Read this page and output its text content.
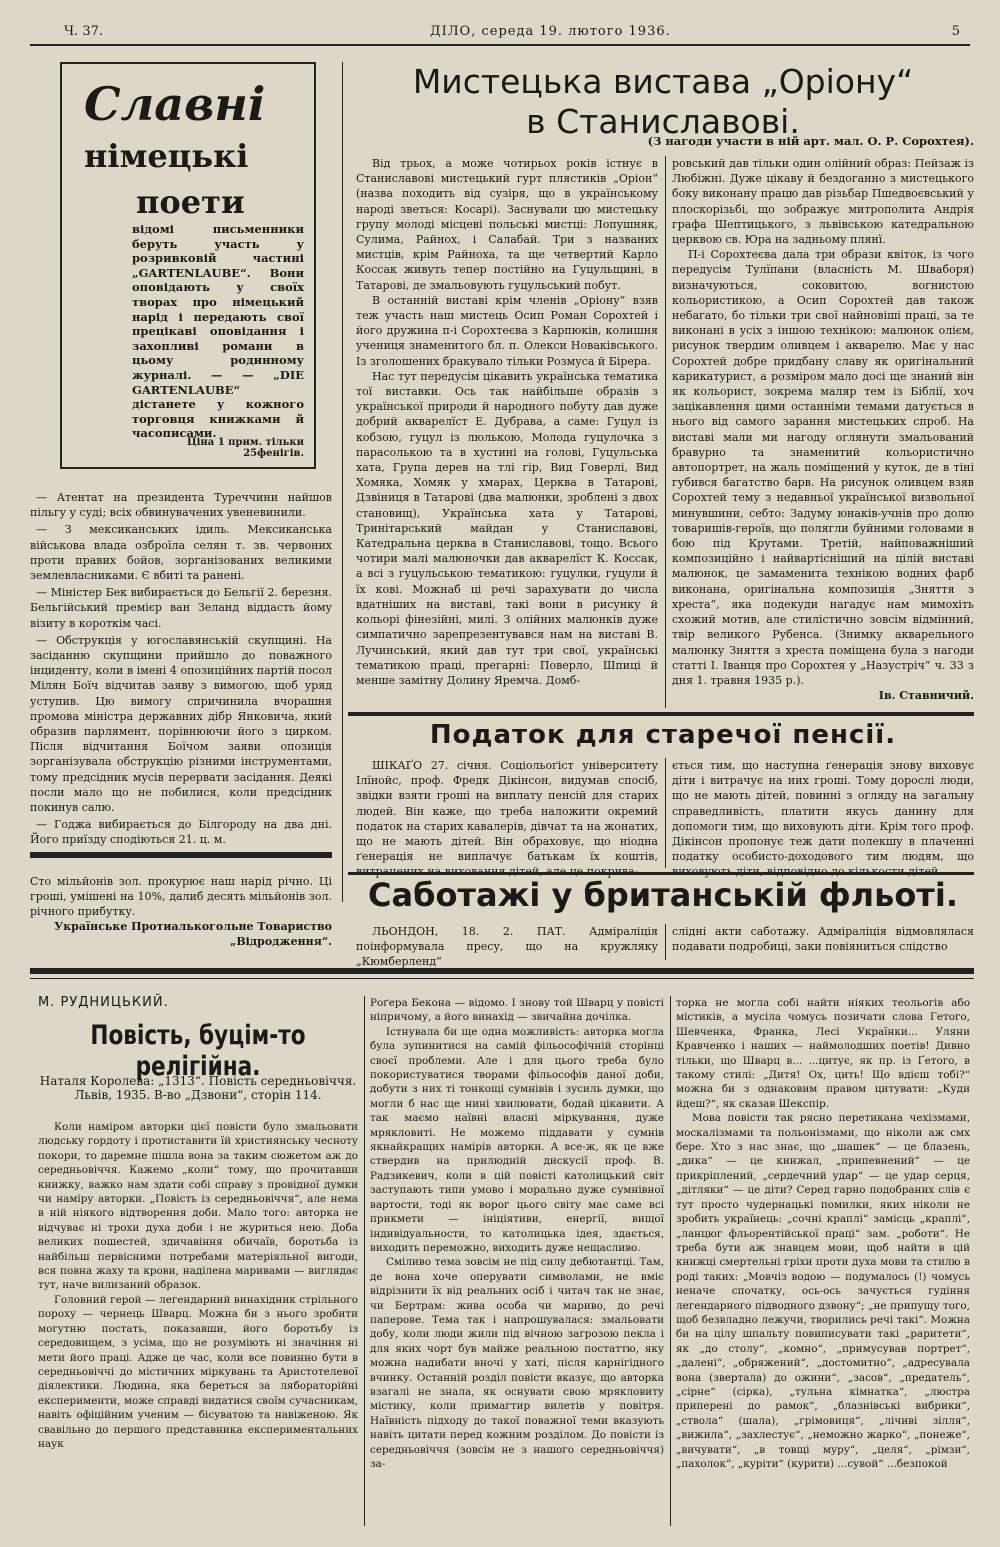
Ч. 37.	ДІЛО, середа 19. лютого 1936.	5
Славні
німецькі
поети
відомі письменники беруть участь у розривковій частині „GARTENLAUBE“. Вони оповідають у своїх творах про німецький нарід і передають свої прецікаві оповідання і захопливі романи в цьому родинному журналі. — — „DIE GARTENLAUBE“ дістанете у кожного торговця книжками й часописами.
Ціна 1 прим. тільки 25фенігів.

— Атентат на президента Туреччини найшов пільгу у суді; всіх обвинувачених увеневинили.

— З мексиканських ідиль. Мексиканська військова влада озброїла селян т. зв. червоних проти правих бойов, зорганізованих великими землевласниками. Є вбиті та ранені.

— Міністер Бек вибирається до Бельгії 2. березня. Бельгійський премієр ван Зеланд віддасть йому візиту в короткім часі.

— Обструкція у югославянській скупщині. На засіданню скупщини прийшло до поважного інциденту, коли в імені 4 опозиційних партій посол Мілян Боїч відчитав заяву з вимогою, щоб уряд уступив. Цю вимогу спричинила вчорашня промова міністра державних дібр Янковича, який образив парлямент, порівнюючи його з цирком. Після відчитання Боїчом заяви опозиція зорганізувала обструкцію різними інструментами, тому предсідник мусів перервати засідання. Деякі посли мало що не побилися, коли предсідник покинув салю.

— Годжа вибирається до Білгороду на два дні. Його приїзду сподіються 21. ц. м.

Сто мільйонів зол. прокурює наш нарід річно. Ці гроші, умішені на 10%, далиб десять мільйонів зол. річного прибутку.
Українське Протиалькогольне Товариство „Відродження“.
Мистецька вистава „Оріону“
в Станиславові.
(З нагоди участи в ній арт. мал. О. Р. Сорохтея).

Від трьох, а може чотирьох років істнує в Станиславові мистецький гурт плястиків „Оріон“ (назва походить від сузіря, що в українському народі зветься: Косарі). Заснували цю мистецьку групу молоді місцеві польські мистці: Лопушняк, Сулима, Райнох, і Салабай. Три з названих мистців, крім Райноха, та ще четвертий Карло Коссак живуть тепер постійно на Гуцульщині, в Татарові, де змальовують гуцульський побут.

В останній виставі крім членів „Оріону“ взяв теж участь наш мистець Осип Роман Сорохтей і його дружина п-і Сорохтеєва з Карпюків, колишня учениця знаменитого бл. п. Олекси Новаківського. Із зголошених бракувало тільки Розмуса й Бірера.

Нас тут передусім цікавить українська тематика тої виставки. Ось так найбільше образів з української природи й народного побуту дав дуже добрий акварелїст Е. Дубрава, а саме: Гуцул із кобзою, гуцул із люлькою, Молода гуцулочка з парасолькою та в хустині на голові, Гуцульська хата, Група дерев на тлі гір, Вид Говерлі, Вид Хомяка, Хомяк у хмарах, Церква в Татарові, Дзвіниця в Татарові (два малюнки, зроблені з двох становищ), Українська хата у Татарові, Тринітарський майдан у Станиславові, Катедральна церква в Станиславові, тощо. Всього чотири малі малюночки дав акварелїст К. Коссак, а всі з гуцульською тематикою: гуцулки, гуцули й їх кові. Можнаб ці речі зарахувати до числа вдатніших на виставі, такі вони в рисунку й кольорі фінезійні, милі. З олійних малюнків дуже симпатично зарепрезентувався нам на виставі В. Лучинський, який дав тут три свої, українські тематикою праці, прегарні: Поверло, Шпиці й менше замітну Долину Яремча. Домб-

ровський дав тільки один олійний образ: Пейзаж із Любіжні. Дуже цікаву й бездоганно з мистецького боку виконану працю дав різьбар Пшедвоєвський у плоскорізьбі, що зображує митрополита Андрія графа Шептицького, з львівською катедральною церквою св. Юра на задньому плянї.

П-і Сорохтеєва дала три образи квіток, із чого передусім Тулїпани (власність М. Шваборя) визначуються, соковитою, вогнистою кольористикою, а Осип Сорохтей дав також небагато, бо тільки три свої найновіші праці, за те виконані в усіх з іншою технікою: малюнок олієм, рисунок твердим оливцем і акварелю. Має у нас Сорохтей добре придбану славу як оригінальний карикатурист, а розміром мало досі ще знаний він як кольорист, зокрема маляр тем із Біблії, хоч зацікавлення цими останніми темами датується в нього від самого зарання мистецьких спроб. На виставі мали ми нагоду оглянути змальований бравурно та знаменитий кольористично автопортрет, на жаль поміщений у куток, де в тіні губився багатство барв. На рисунок оливцем взяв Сорохтей тему з недавньої української визвольної минувшини, себто: Задуму юнаків-учнів про долю товаришів-героїв, що полягли буйними головами в бою під Крутами. Третій, найповажніший композиційно і найвартісніший на цілій виставі малюнок, це замаменита технікою водних фарб виконана, оригінальна композиція „Зняття з хреста“, яка подекуди нагадує нам мимохіть схожий мотив, але стилістично зовсім відмінний, твір великого Рубенса. (Знимку акварельного малюнку Зняття з хреста поміщена була з нагоди статті І. Іванця про Сорохтея у „Назустріч“ ч. 33 з дня 1. травня 1935 р.).

Ів. Ставничий.
Податок для старечої пенсії.

ШІКАҐО 27. січня. Соціольоґіст університету Ілїнойс, проф. Фредк Дікінсон, видумав спосіб, звідки взяти гроші на виплату пенсій для старих людей. Він каже, що треба наложити окремий податок на старих кавалерів, дівчат та на жонатих, що не мають дітей. Він обраховує, що ніодна ґенерація не виплачує батькам їх коштів,

ється тим, що наступна ґенерація знову виховує діти і витрачує на них гроші. Тому дорослі люди, що не мають дітей, повинні з огляду на загальну справедливість, платити якусь данину для допомоги тим, що виховують діти. Крім того проф. Дікінсон пропонує теж дати полекшу в плаченні податку особисто-доходового тим людям, що

Саботажі у британській фльоті.

ЛЬОНДОН, 18. 2. ПАТ. Адміраліція поінформувала пресу, що на кружляку „Кюмберленд“

слідні акти саботажу. Адміраліція відмовлялася подавати подробиці, заки повіяниться слідство

М. РУДНИЦЬКИЙ.
Повість, буцім-то релігійна.
Наталя Королева: „1313“. Повість середньовіччя. Львів, 1935. В-во „Дзвони“, сторін 114.

Коли наміром авторки цієї повісти було змальовати людську гордоту і протиставити їй християнську чесноту покори, то даремне пішла вона за таким сюжетом аж до середньовіччя. Кажемо „коли“ тому, що прочитавши книжку, важко нам здати собі справу з провідної думки чи наміру авторки. „Повість із середньовіччя“, але нема в ній ніякого відтворення доби. Мало того: авторка не відчуває ні трохи духа доби і не журиться нею. Доба великих пошестей, здичавіння обичаїв, боротьба із найбільш первісними потребами матеріяльної вигоди, вся повна жаху та крови, наділена маривами — виглядає тут, наче вилизаний образок.

Головний герой — легендарний винахідник стрільного пороху — чернець Шварц. Можна би з нього зробити могутню постать, показавши, його боротьбу із середовищем, з усіма, що не розуміють ні значіння ні мети його праці. Адже це час, коли все повинно бути в середньовіччі до містичних міркувань та Аристотелевої діялектики. Людина, яка береться за лябораторійні експерименти, може справді видатися своїм сучасникам, навіть офіційним ученим — бісуватою та навіженою. Як свавільно до першого представника експериментальних наук

Роґера Бекона — відомо. І знову той Шварц у повісті ніпричому, а його винахід — звичайна дочілка.

Істнувала би ще одна можливість: авторка могла була зупинитися на самій фільософічній сторінці своєї проблеми. Але і для цього треба було покористуватися творами фільософів даної доби, добути з них ті тонкощі сумнівів і зусиль думки, що могли б нас ще нині хвилювати, бодай цікавити. А так маємо наївні власні міркування, дуже мрякловиті. Не можемо піддавати у сумнів якнайкращих намірів авторки. А все-ж, як це вже ствердив на прилюдній дискусії проф. В. Радзикевич, коли в цій повісті католицький світ заступають типи умово і морально дуже сумнівної вартости, тоді як ворог цього світу має саме всі прикмети — ініціятиви, енергії, вищої індивідуальности, то католицька ідея, здається, виходить переможно, виходить дуже нещасливо.

Сміливо тема зовсім не під силу дебютантці. Там, де вона хоче оперувати символами, не вміє відрізнити їх від реальних осіб і читач так не знає, чи Бертрам: жива особа чи мариво, до речі паперове. Тема так і напрошувалася: змальовати добу, коли люди жили під вічною загрозою пекла і для яких чорт був майже реальною постаттю, яку можна надибати вночі у хаті, після карнігідного вчинку. Останній розділ повісти вказує, що авторка взагалі не знала, як оснувати свою мрякловиту містику, коли примагтир вилетів у повітря. Наївність підходу до такої поважної теми вказують навіть цитати перед кожним розділом. До повісти із середньовіччя (зовсім не з нашого середньовіччя) за-

торка не могла собі найти ніяких теольогів або містиків, а мусіла чомусь позичати слова Гетого, Шевченка, Франка, Лесі Українки... Уляни Кравченко і наших — наймолодших поетів! Дивно тільки, що Шварц в... ...цитує, як пр. із Ґетого, в такому стилі: „Дитя! Ох, цить! Що вдієш тобі?“ можна би з однаковим правом цитувати: „Куди йдеш?“, як сказав Шекспір.

Мова повісти так рясно перетикана чехізмами, москалізмами та польонізмами, що ніколи аж смх бере. Хто з нас знає, що „шашек“ — це блазень, „дика“ — це кинжал, „припевнений“ — це прикріплений, „сердечний удар“ — це удар серця, „дітляки“ — це діти? Серед гарно подобраних слів є тут просто чудернацькі помилки, яких ніколи не зробить українець: „сочні краплі“ замісць „краплі“, „ланцюг фльорентійської праці“ зам. „роботи“. Не треба бути аж знавцем мови, щоб найти в цій книжці смертельні гріхи проти духа мови та стилю в роді таких: „Мовчіз водою — подумалось (!) чомусь неначе спочатку, ось-ось зачується гудіння легендарного підводного дзвону“; „не припущу того, щоб безвладно лежучи, творились речі такі“. Можна би на цілу шпальту повиписувати такі „раритети“, як „до столу“, „комно“, „примусував портрет“, „далені“, „обряжений“, „достомитно“, „адресувала вона (звертала) до ожини“, „засов“, „предатель“, „сірне“ (сірка), „тульна кімнатка“, „люстра приперені до рамок“, „блазнівські вибрики“, „ствола“ (шала), „грімовиця“, „лічиві зілля“, „вижила“, „захлестує“, „неможно жарко“, „понеже“, „вичувати“, „в товщі муру“, „целя“, „рімзи“, „пахолок“, „куріти“ (курити) ...сувой“ ...безпокой
